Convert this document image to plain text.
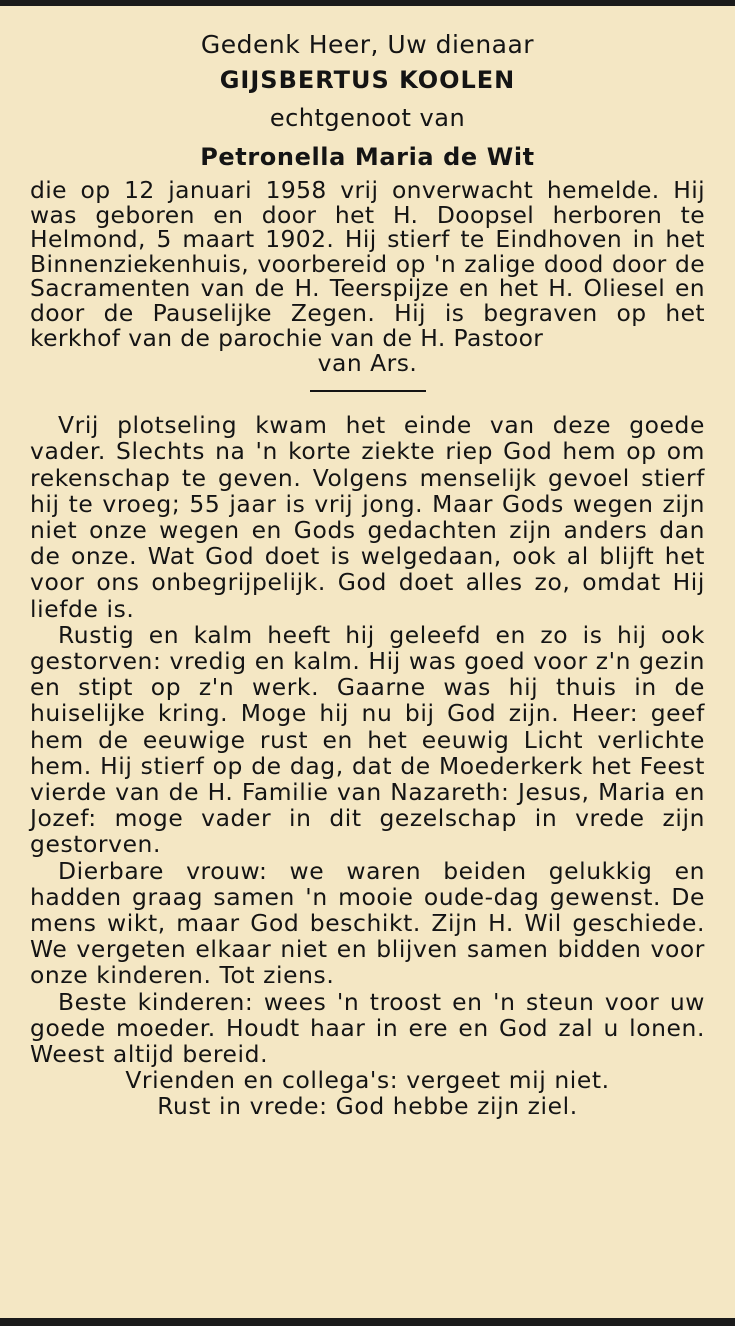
Gedenk Heer, Uw dienaar
GIJSBERTUS KOOLEN
echtgenoot van
Petronella Maria de Wit
die op 12 januari 1958 vrij onverwacht hemelde. Hij was geboren en door het H. Doopsel herboren te Helmond, 5 maart 1902. Hij stierf te Eindhoven in het Binnenziekenhuis, voorbereid op 'n zalige dood door de Sacramenten van de H. Teerspijze en het H. Oliesel en door de Pauselijke Zegen. Hij is begraven op het kerkhof van de parochie van de H. Pastoor
van Ars.

Vrij plotseling kwam het einde van deze goede vader. Slechts na 'n korte ziekte riep God hem op om rekenschap te geven. Volgens menselijk gevoel stierf hij te vroeg; 55 jaar is vrij jong. Maar Gods wegen zijn niet onze wegen en Gods gedachten zijn anders dan de onze. Wat God doet is welgedaan, ook al blijft het voor ons onbegrijpelijk. God doet alles zo, omdat Hij liefde is.

Rustig en kalm heeft hij geleefd en zo is hij ook gestorven: vredig en kalm. Hij was goed voor z'n gezin en stipt op z'n werk. Gaarne was hij thuis in de huiselijke kring. Moge hij nu bij God zijn. Heer: geef hem de eeuwige rust en het eeuwig Licht verlichte hem. Hij stierf op de dag, dat de Moederkerk het Feest vierde van de H. Familie van Nazareth: Jesus, Maria en Jozef: moge vader in dit gezelschap in vrede zijn gestorven.

Dierbare vrouw: we waren beiden gelukkig en hadden graag samen 'n mooie oude-dag gewenst. De mens wikt, maar God beschikt. Zijn H. Wil geschiede. We vergeten elkaar niet en blijven samen bidden voor onze kinderen. Tot ziens.

Beste kinderen: wees 'n troost en 'n steun voor uw goede moeder. Houdt haar in ere en God zal u lonen. Weest altijd bereid.

Vrienden en collega's: vergeet mij niet.

Rust in vrede: God hebbe zijn ziel.
